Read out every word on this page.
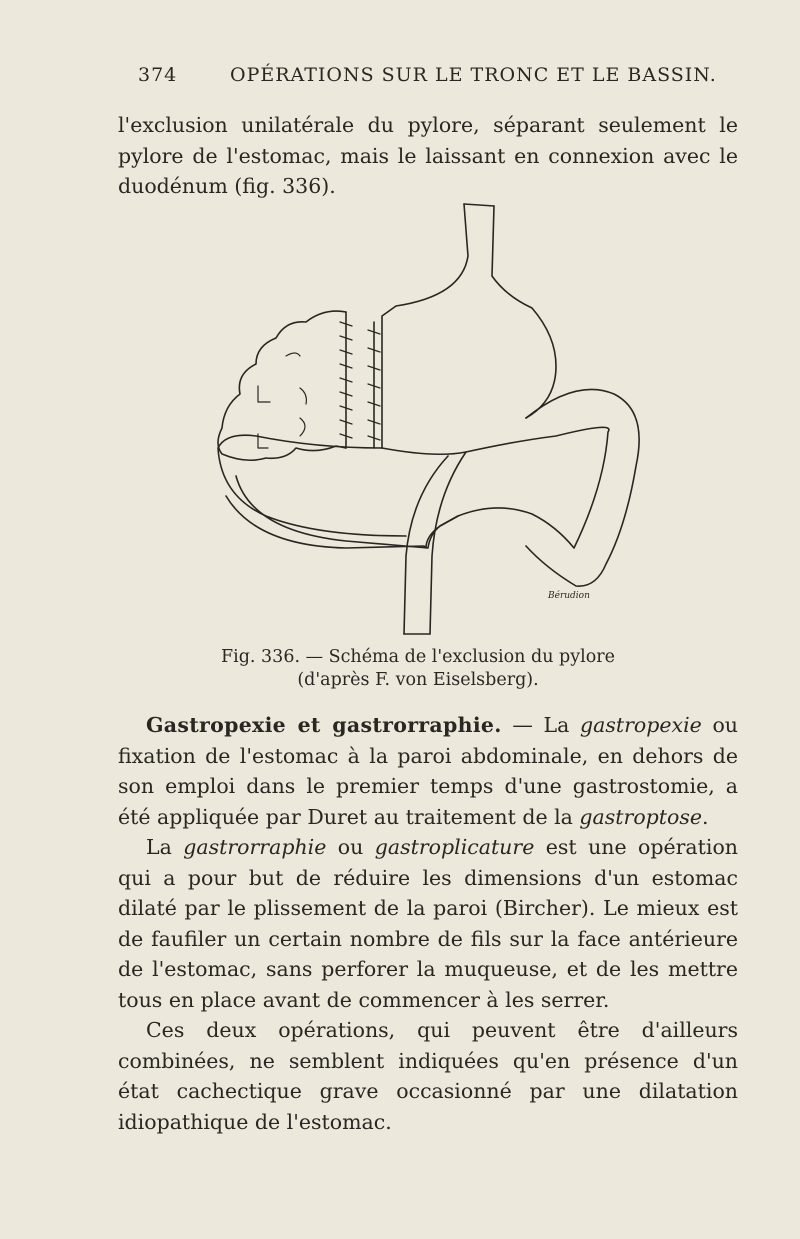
374	OPÉRATIONS SUR LE TRONC ET LE BASSIN.

l'exclusion unilatérale du pylore, séparant seulement le pylore de l'estomac, mais le laissant en connexion avec le duodénum (fig. 336).

Bérudion
Fig. 336. — Schéma de l'exclusion du pylore
(d'après F. von Eiselsberg).

Gastropexie et gastrorraphie. — La gastropexie ou fixation de l'estomac à la paroi abdominale, en dehors de son emploi dans le premier temps d'une gastrostomie, a été appliquée par Duret au traitement de la gastroptose.

La gastrorraphie ou gastroplicature est une opération qui a pour but de réduire les dimensions d'un estomac dilaté par le plissement de la paroi (Bircher). Le mieux est de faufiler un certain nombre de fils sur la face antérieure de l'estomac, sans perforer la muqueuse, et de les mettre tous en place avant de commencer à les serrer.

Ces deux opérations, qui peuvent être d'ailleurs combinées, ne semblent indiquées qu'en présence d'un état cachectique grave occasionné par une dilatation idiopathique de l'estomac.
